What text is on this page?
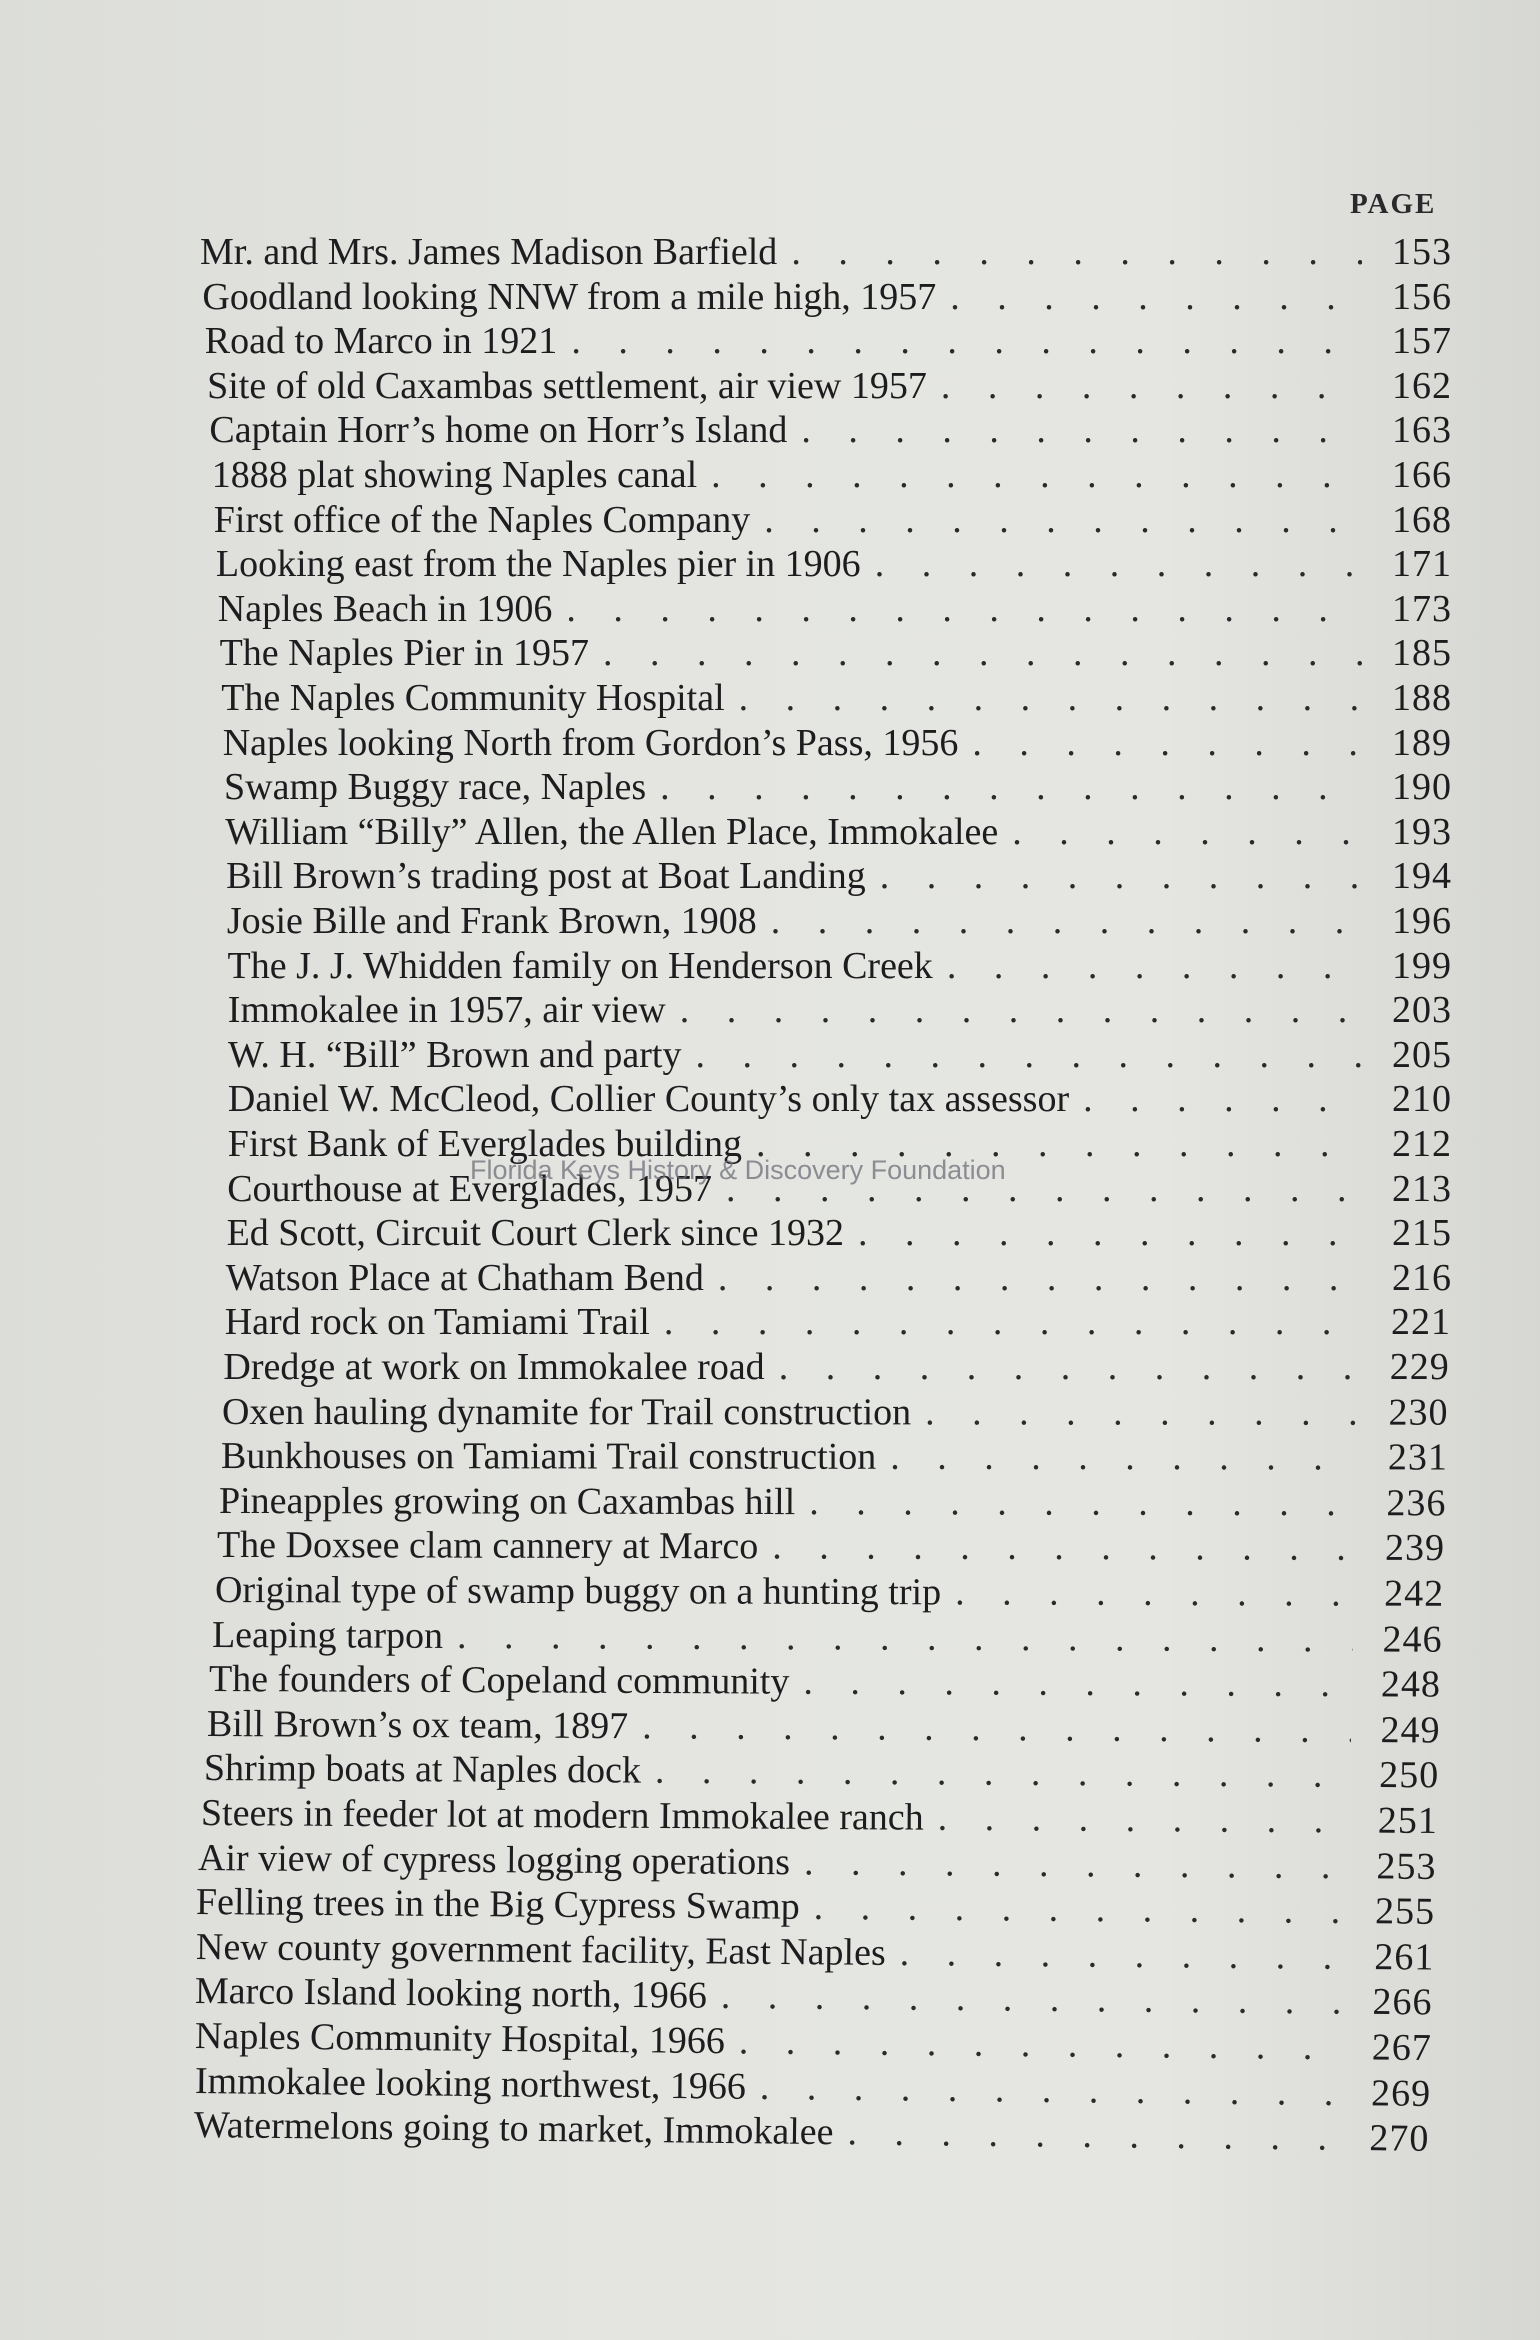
PAGE
Mr. and Mrs. James Madison Barfield . . .	153
Goodland looking NNW from a mile high, 1957 . . .	156
Road to Marco in 1921 . . .	157
Site of old Caxambas settlement, air view 1957 . . .	162
Captain Horr’s home on Horr’s Island . . .	163
1888 plat showing Naples canal . . .	166
First office of the Naples Company . . .	168
Looking east from the Naples pier in 1906 . . .	171
Naples Beach in 1906 . . .	173
The Naples Pier in 1957 . . .	185
The Naples Community Hospital . . .	188
Naples looking North from Gordon’s Pass, 1956 . . .	189
Swamp Buggy race, Naples . . .	190
William “Billy” Allen, the Allen Place, Immokalee . . .	193
Bill Brown’s trading post at Boat Landing . . .	194
Josie Bille and Frank Brown, 1908 . . .	196
The J. J. Whidden family on Henderson Creek . . .	199
Immokalee in 1957, air view . . .	203
W. H. “Bill” Brown and party . . .	205
Daniel W. McCleod, Collier County’s only tax assessor . . .	210
First Bank of Everglades building . . .	212
Courthouse at Everglades, 1957 . . .	213
Ed Scott, Circuit Court Clerk since 1932 . . .	215
Watson Place at Chatham Bend . . .	216
Hard rock on Tamiami Trail . . .	221
Dredge at work on Immokalee road . . .	229
Oxen hauling dynamite for Trail construction . . .	230
Bunkhouses on Tamiami Trail construction . . .	231
Pineapples growing on Caxambas hill . . .	236
The Doxsee clam cannery at Marco . . .	239
Original type of swamp buggy on a hunting trip . . .	242
Leaping tarpon . . .	246
The founders of Copeland community . . .	248
Bill Brown’s ox team, 1897 . . .	249
Shrimp boats at Naples dock . . .	250
Steers in feeder lot at modern Immokalee ranch . . .	251
Air view of cypress logging operations . . .	253
Felling trees in the Big Cypress Swamp . . .	255
New county government facility, East Naples . . .	261
Marco Island looking north, 1966 . . .	266
Naples Community Hospital, 1966 . . .	267
Immokalee looking northwest, 1966 . . .	269
Watermelons going to market, Immokalee . . .	270
Florida Keys History & Discovery Foundation
